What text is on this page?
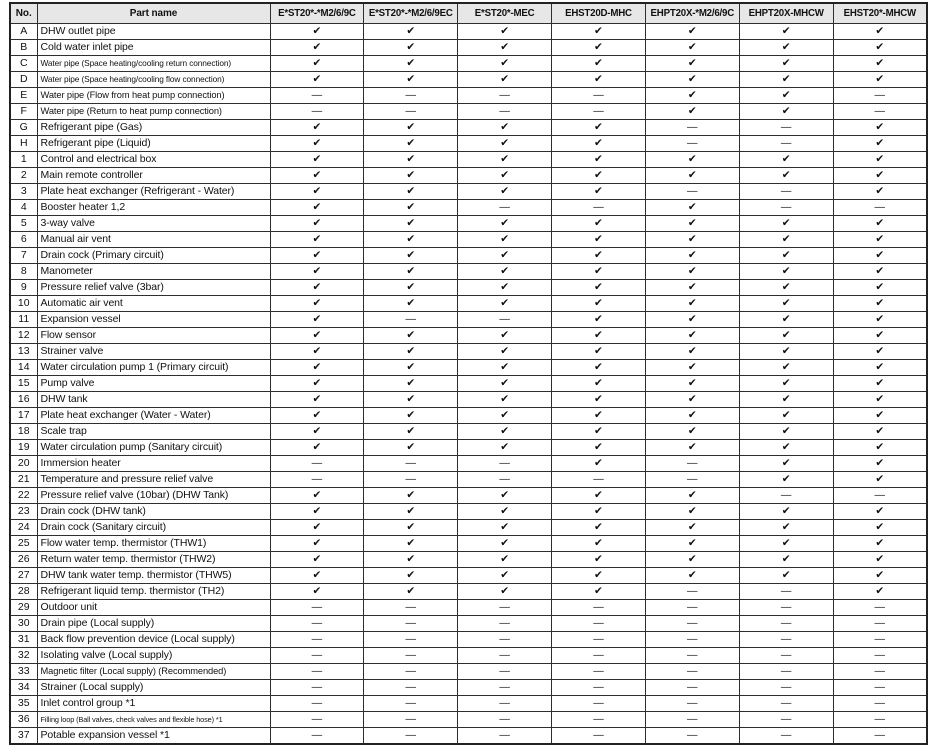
No.	Part name	E*ST20*-*M2/6/9C	E*ST20*-*M2/6/9EC	E*ST20*-MEC	EHST20D-MHC	EHPT20X-*M2/6/9C	EHPT20X-MHCW	EHST20*-MHCW
A	DHW outlet pipe	✔	✔	✔	✔	✔	✔	✔
B	Cold water inlet pipe	✔	✔	✔	✔	✔	✔	✔
C	Water pipe (Space heating/cooling return connection)	✔	✔	✔	✔	✔	✔	✔
D	Water pipe (Space heating/cooling flow connection)	✔	✔	✔	✔	✔	✔	✔
E	Water pipe (Flow from heat pump connection)	—	—	—	—	✔	✔	—
F	Water pipe (Return to heat pump connection)	—	—	—	—	✔	✔	—
G	Refrigerant pipe (Gas)	✔	✔	✔	✔	—	—	✔
H	Refrigerant pipe (Liquid)	✔	✔	✔	✔	—	—	✔
1	Control and electrical box	✔	✔	✔	✔	✔	✔	✔
2	Main remote controller	✔	✔	✔	✔	✔	✔	✔
3	Plate heat exchanger (Refrigerant - Water)	✔	✔	✔	✔	—	—	✔
4	Booster heater 1,2	✔	✔	—	—	✔	—	—
5	3-way valve	✔	✔	✔	✔	✔	✔	✔
6	Manual air vent	✔	✔	✔	✔	✔	✔	✔
7	Drain cock (Primary circuit)	✔	✔	✔	✔	✔	✔	✔
8	Manometer	✔	✔	✔	✔	✔	✔	✔
9	Pressure relief valve (3bar)	✔	✔	✔	✔	✔	✔	✔
10	Automatic air vent	✔	✔	✔	✔	✔	✔	✔
11	Expansion vessel	✔	—	—	✔	✔	✔	✔
12	Flow sensor	✔	✔	✔	✔	✔	✔	✔
13	Strainer valve	✔	✔	✔	✔	✔	✔	✔
14	Water circulation pump 1 (Primary circuit)	✔	✔	✔	✔	✔	✔	✔
15	Pump valve	✔	✔	✔	✔	✔	✔	✔
16	DHW tank	✔	✔	✔	✔	✔	✔	✔
17	Plate heat exchanger (Water - Water)	✔	✔	✔	✔	✔	✔	✔
18	Scale trap	✔	✔	✔	✔	✔	✔	✔
19	Water circulation pump (Sanitary circuit)	✔	✔	✔	✔	✔	✔	✔
20	Immersion heater	—	—	—	✔	—	✔	✔
21	Temperature and pressure relief valve	—	—	—	—	—	✔	✔
22	Pressure relief valve (10bar) (DHW Tank)	✔	✔	✔	✔	✔	—	—
23	Drain cock (DHW tank)	✔	✔	✔	✔	✔	✔	✔
24	Drain cock (Sanitary circuit)	✔	✔	✔	✔	✔	✔	✔
25	Flow water temp. thermistor (THW1)	✔	✔	✔	✔	✔	✔	✔
26	Return water temp. thermistor (THW2)	✔	✔	✔	✔	✔	✔	✔
27	DHW tank water temp. thermistor (THW5)	✔	✔	✔	✔	✔	✔	✔
28	Refrigerant liquid temp. thermistor (TH2)	✔	✔	✔	✔	—	—	✔
29	Outdoor unit	—	—	—	—	—	—	—
30	Drain pipe (Local supply)	—	—	—	—	—	—	—
31	Back flow prevention device (Local supply)	—	—	—	—	—	—	—
32	Isolating valve (Local supply)	—	—	—	—	—	—	—
33	Magnetic filter (Local supply) (Recommended)	—	—	—	—	—	—	—
34	Strainer (Local supply)	—	—	—	—	—	—	—
35	Inlet control group *1	—	—	—	—	—	—	—
36	Filling loop (Ball valves, check valves and flexible hose) *1	—	—	—	—	—	—	—
37	Potable expansion vessel *1	—	—	—	—	—	—	—
